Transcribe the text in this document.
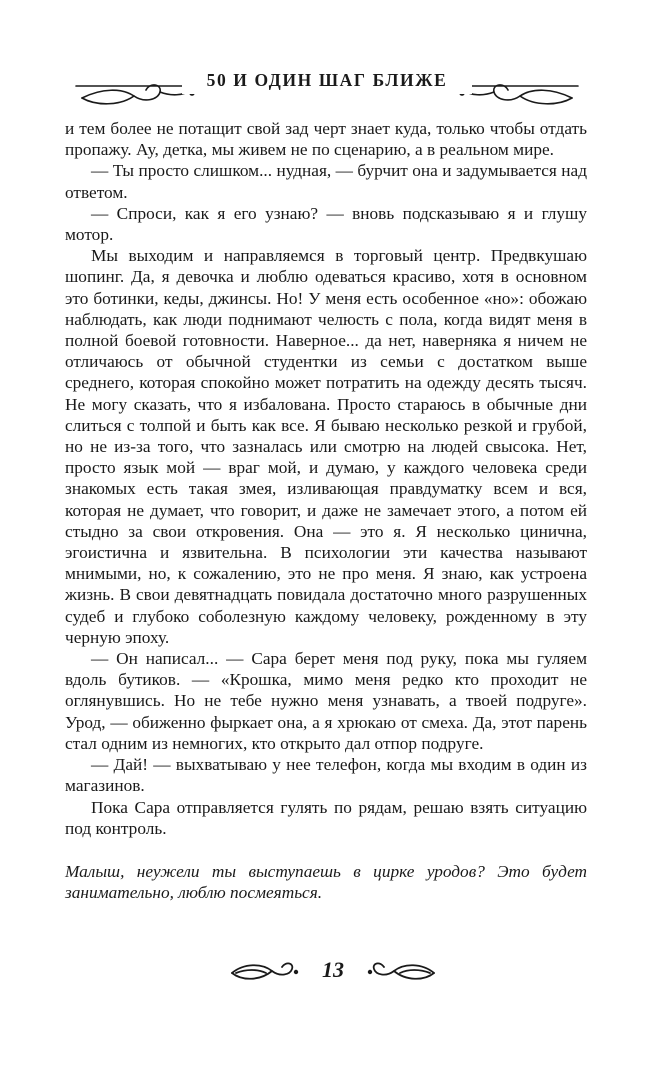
50 И ОДИН ШАГ БЛИЖЕ

и тем более не потащит свой зад черт знает куда, только чтобы отдать пропажу. Ау, детка, мы живем не по сценарию, а в реальном мире.

— Ты просто слишком... нудная, — бурчит она и задумывается над ответом.

— Спроси, как я его узнаю? — вновь подсказываю я и глушу мотор.

Мы выходим и направляемся в торговый центр. Предвкушаю шопинг. Да, я девочка и люблю одеваться красиво, хотя в основном это ботинки, кеды, джинсы. Но! У меня есть особенное «но»: обожаю наблюдать, как люди поднимают челюсть с пола, когда видят меня в полной боевой готовности. Наверное... да нет, наверняка я ничем не отличаюсь от обычной студентки из семьи с достатком выше среднего, которая спокойно может потратить на одежду десять тысяч. Не могу сказать, что я избалована. Просто стараюсь в обычные дни слиться с толпой и быть как все. Я бываю несколько резкой и грубой, но не из-за того, что зазналась или смотрю на людей свысока. Нет, просто язык мой — враг мой, и думаю, у каждого человека среди знакомых есть такая змея, изливающая правдуматку всем и вся, которая не думает, что говорит, и даже не замечает этого, а потом ей стыдно за свои откровения. Она — это я. Я несколько цинична, эгоистична и язвительна. В психологии эти качества называют мнимыми, но, к сожалению, это не про меня. Я знаю, как устроена жизнь. В свои девятнадцать повидала достаточно много разрушенных судеб и глубоко соболезную каждому человеку, рожденному в эту черную эпоху.

— Он написал... — Сара берет меня под руку, пока мы гуляем вдоль бутиков. — «Крошка, мимо меня редко кто проходит не оглянувшись. Но не тебе нужно меня узнавать, а твоей подруге». Урод, — обиженно фыркает она, а я хрюкаю от смеха. Да, этот парень стал одним из немногих, кто открыто дал отпор подруге.

— Дай! — выхватываю у нее телефон, когда мы входим в один из магазинов.

Пока Сара отправляется гулять по рядам, решаю взять ситуацию под контроль.

Малыш, неужели ты выступаешь в цирке уродов? Это будет занимательно, люблю посмеяться.

13
